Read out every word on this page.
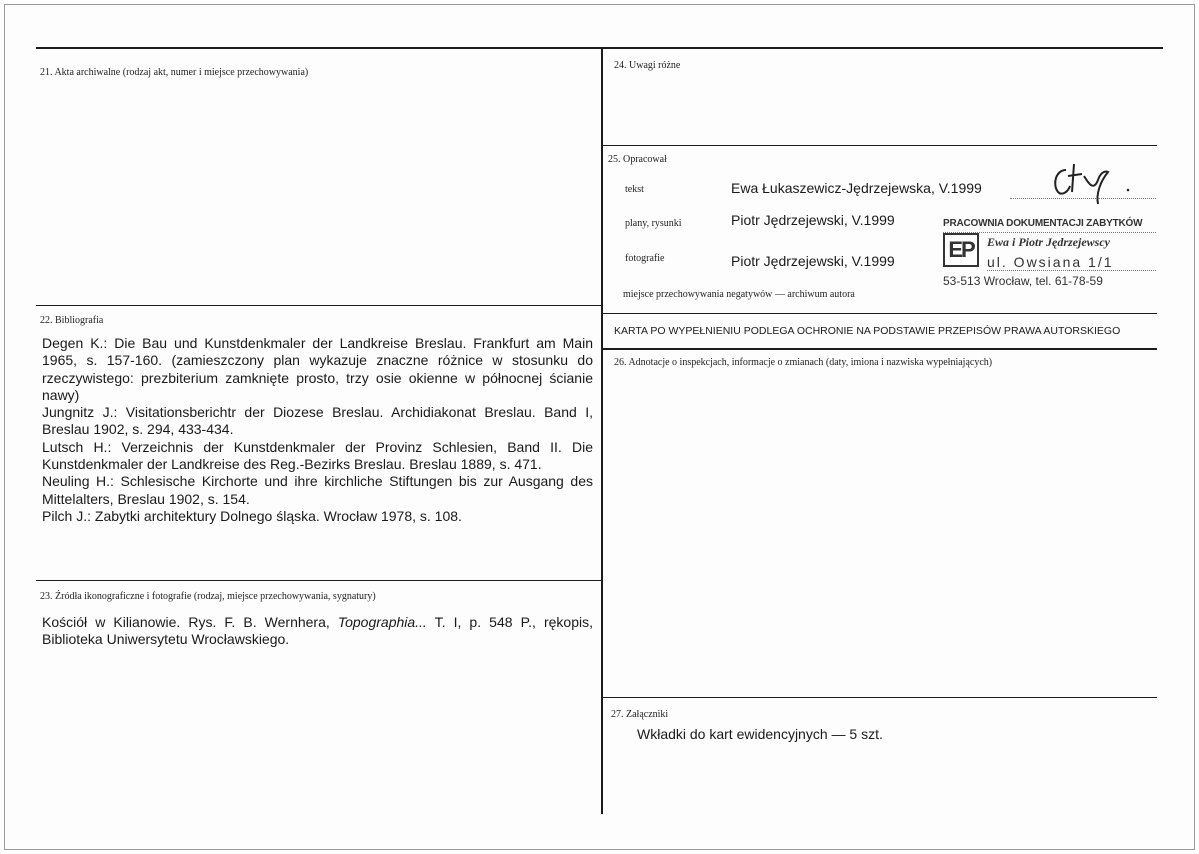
21. Akta archiwalne (rodzaj akt, numer i miejsce przechowywania)
22. Bibliografia

Degen K.: Die Bau und Kunstdenkmaler der Landkreise Breslau. Frankfurt am Main 1965, s. 157-160. (zamieszczony plan wykazuje znaczne różnice w stosunku do rzeczywistego: prezbiterium zamknięte prosto, trzy osie okienne w północnej ścianie nawy)

Jungnitz J.: Visitationsberichtr der Diozese Breslau. Archidiakonat Breslau. Band I, Breslau 1902, s. 294, 433-434.

Lutsch H.: Verzeichnis der Kunstdenkmaler der Provinz Schlesien, Band II. Die Kunstdenkmaler der Landkreise des Reg.-Bezirks Breslau. Breslau 1889, s. 471.

Neuling H.: Schlesische Kirchorte und ihre kirchliche Stiftungen bis zur Ausgang des Mittelalters, Breslau 1902, s. 154.

Pilch J.: Zabytki architektury Dolnego śląska. Wrocław 1978, s. 108.

23. Źródła ikonograficzne i fotografie (rodzaj, miejsce przechowywania, sygnatury)
Kościół w Kilianowie. Rys. F. B. Wernhera, Topographia... T. I, p. 548 P., rękopis, Biblioteka Uniwersytetu Wrocławskiego.
24. Uwagi różne
25. Opracował
tekst	Ewa Łukaszewicz-Jędrzejewska, V.1999
plany, rysunki	Piotr Jędrzejewski, V.1999
fotografie	Piotr Jędrzejewski, V.1999
miejsce przechowywania negatywów — archiwum autora
PRACOWNIA DOKUMENTACJI ZABYTKÓW
EP	Ewa i Piotr Jędrzejewscy
ul. Owsiana 1/1
53-513 Wrocław, tel. 61-78-59
KARTA PO WYPEŁNIENIU PODLEGA OCHRONIE NA PODSTAWIE PRZEPISÓW PRAWA AUTORSKIEGO
26. Adnotacje o inspekcjach, informacje o zmianach (daty, imiona i nazwiska wypełniających)
27. Załączniki
Wkładki do kart ewidencyjnych — 5 szt.
